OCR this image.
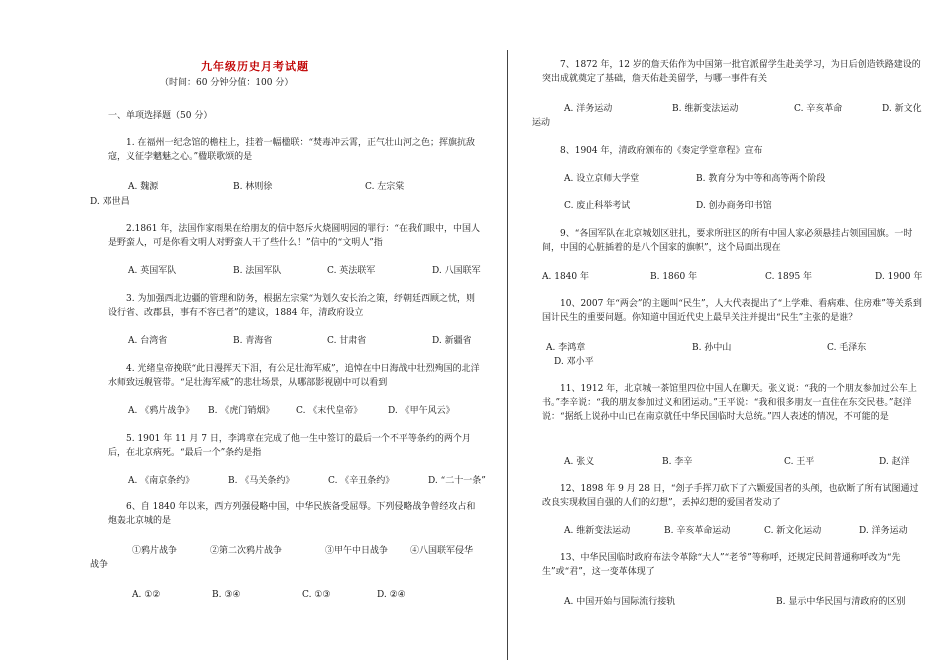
九年级历史月考试题
（时间：60 分钟分值：100 分）
一、单项选择题（50 分）
1. 在福州一纪念馆的檐柱上，挂着一幅楹联：“焚毒冲云霄，正气壮山河之色；挥旗抗敌寇，义征孛魑魅之心。”楹联歌颂的是
A. 魏源	B. 林则徐	C. 左宗棠
D. 邓世昌
2.1861 年，法国作家雨果在给朋友的信中怒斥火烧圆明园的罪行：“在我们眼中，中国人是野蛮人，可是你看文明人对野蛮人干了些什么！”信中的“文明人”指
A. 英国军队	B. 法国军队	C. 英法联军	D. 八国联军
3. 为加强西北边疆的管理和防务，根据左宗棠“为划久安长治之策，纾朝廷西顾之忧，则设行省、改郡县，事有不容已者”的建议，1884 年，清政府设立
A. 台湾省	B. 青海省	C. 甘肃省	D. 新疆省
4. 光绪皇帝挽联“此日漫挥天下泪，有公足壮海军威”，追悼在中日海战中壮烈殉国的北洋水师致远舰管带。“足壮海军威”的悲壮场景，从哪部影视剧中可以看到
A. 《鸦片战争》	B. 《虎门销烟》	C. 《末代皇帝》	D. 《甲午风云》
5. 1901 年 11 月 7 日，李鸿章在完成了他一生中签订的最后一个不平等条约的两个月后，在北京病死。“最后一个”条约是指
A. 《南京条约》	B. 《马关条约》	C. 《辛丑条约》	D. “二十一条”
6、自 1840 年以来，西方列强侵略中国，中华民族备受屈辱。下列侵略战争曾经攻占和炮轰北京城的是
①鸦片战争	②第二次鸦片战争	③甲午中日战争	④八国联军侵华
战争
A. ①②	B. ③④	C. ①③	D. ②④
7、1872 年，12 岁的詹天佑作为中国第一批官派留学生赴美学习，为日后创造铁路建设的突出成就奠定了基础，詹天佑赴美留学，与哪一事件有关
A. 洋务运动	B. 维新变法运动	C. 辛亥革命	D. 新文化
运动
8、1904 年，清政府颁布的《奏定学堂章程》宣布
A. 设立京师大学堂	B. 教育分为中等和高等两个阶段
C. 废止科举考试	D. 创办商务印书馆
9、“各国军队在北京城划区驻扎，要求所驻区的所有中国人家必须悬挂占领国国旗。一时间，中国的心脏插着的是八个国家的旗帜”，这个局面出现在
A. 1840 年	B. 1860 年	C. 1895 年	D. 1900 年
10、2007 年“两会”的主题叫“民生”，人大代表提出了“上学难、看病难、住房难”等关系到国计民生的重要问题。你知道中国近代史上最早关注并提出“民生”主张的是谁？
A. 李鸿章	B. 孙中山	C. 毛泽东
D. 邓小平
11、1912 年，北京城一茶馆里四位中国人在聊天。张义说：“我的一个朋友参加过公车上书。”李辛说：“我的朋友参加过义和团运动。”王平说：“我和很多朋友一直住在东交民巷。”赵洋说：“据纸上说孙中山已在南京就任中华民国临时大总统。”四人表述的情况，不可能的是
A. 张义	B. 李辛	C. 王平	D. 赵洋
12、1898 年 9 月 28 日，“刽子手挥刀砍下了六颗爱国者的头颅，也砍断了所有试图通过改良实现救国自强的人们的幻想”，丢掉幻想的爱国者发动了
A. 维新变法运动	B. 辛亥革命运动	C. 新文化运动	D. 洋务运动
13、中华民国临时政府布法令革除“大人”“老爷”等称呼，还规定民间普通称呼改为“先生”或“君”，这一变革体现了
A. 中国开始与国际流行接轨	B. 显示中华民国与清政府的区别
